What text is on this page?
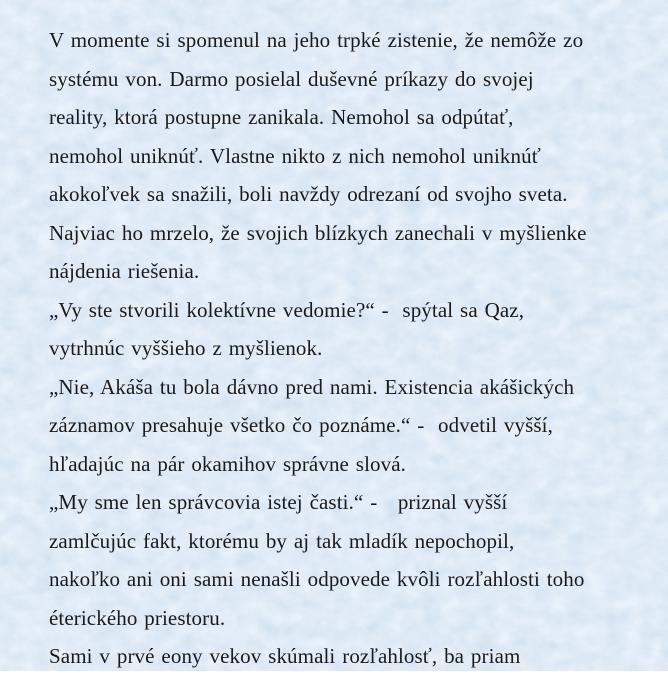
V momente si spomenul na jeho trpké zistenie, že nemôže zo
systému von. Darmo posielal duševné príkazy do svojej
reality, ktorá postupne zanikala. Nemohol sa odpútať,
nemohol uniknúť. Vlastne nikto z nich nemohol uniknúť
akokoľvek sa snažili, boli navždy odrezaní od svojho sveta.
Najviac ho mrzelo, že svojich blízkych zanechali v myšlienke
nájdenia riešenia.
„Vy ste stvorili kolektívne vedomie?“ -  spýtal sa Qaz,
vytrhnúc vyššieho z myšlienok.
„Nie, Akáša tu bola dávno pred nami. Existencia akášických
záznamov presahuje všetko čo poznáme.“ -  odvetil vyšší,
hľadajúc na pár okamihov správne slová.
„My sme len správcovia istej časti.“ -   priznal vyšší
zamlčujúc fakt, ktorému by aj tak mladík nepochopil,
nakoľko ani oni sami nenašli odpovede kvôli rozľahlosti toho
éterického priestoru.
Sami v prvé eony vekov skúmali rozľahlosť, ba priam
